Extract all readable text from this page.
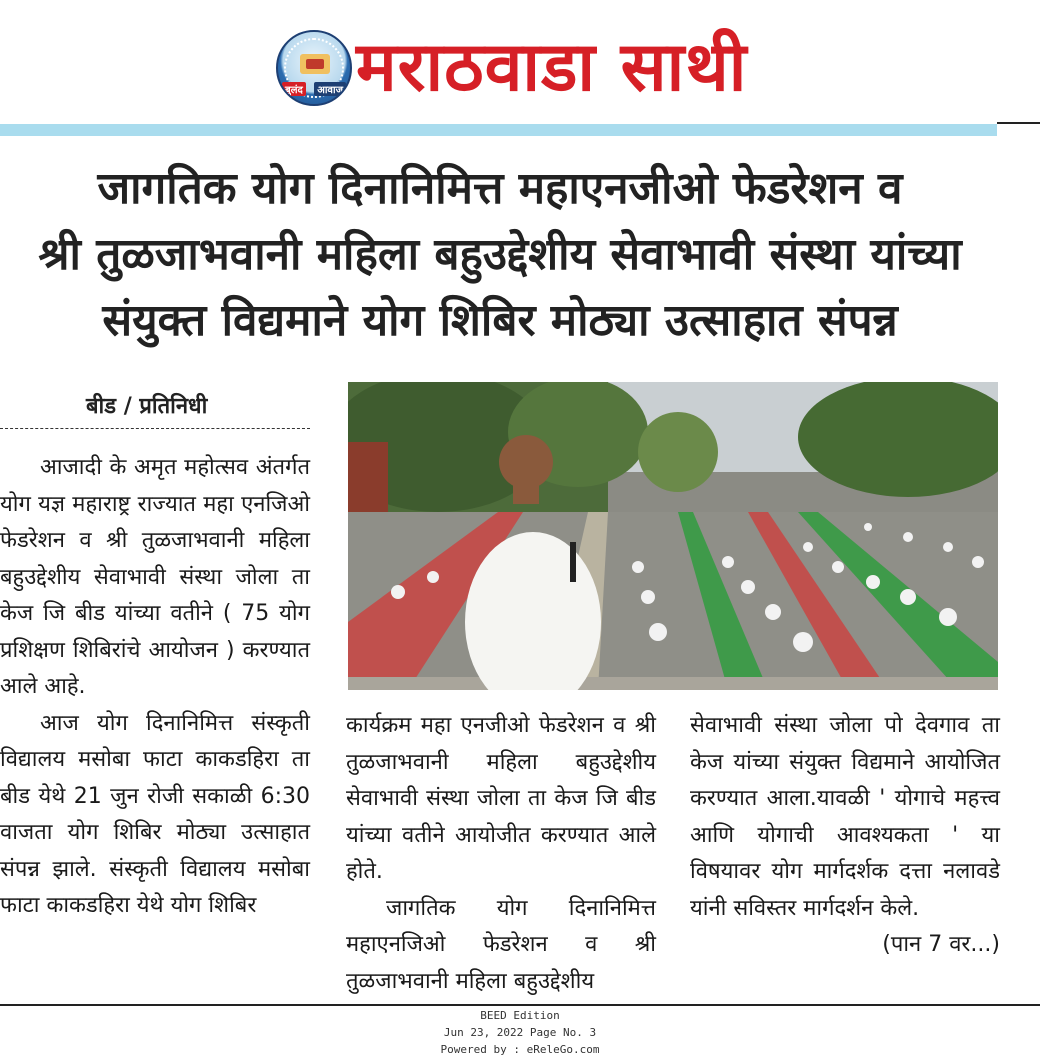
बुलंद	आवाज मराठवाडा साथी
जागतिक योग दिनानिमित्त महाएनजीओ फेडरेशन व
श्री तुळजाभवानी महिला बहुउद्देशीय सेवाभावी संस्था यांच्या
संयुक्त विद्यमाने योग शिबिर मोठ्या उत्साहात संपन्न
बीड / प्रतिनिधी

आजादी के अमृत महोत्सव अंतर्गत योग यज्ञ महाराष्ट्र राज्यात महा एनजिओ फेडरेशन व श्री तुळजाभवानी महिला बहुउद्देशीय सेवाभावी संस्था जोला ता केज जि बीड यांच्या वतीने ( 75 योग प्रशिक्षण शिबिरांचे आयोजन ) करण्यात आले आहे.

आज योग दिनानिमित्त संस्कृती विद्यालय मसोबा फाटा काकडहिरा ता बीड येथे 21 जुन रोजी सकाळी 6:30 वाजता योग शिबिर मोठ्या उत्साहात संपन्न झाले. संस्कृती विद्यालय मसोबा फाटा काकडहिरा येथे योग शिबिर

कार्यक्रम महा एनजीओ फेडरेशन व श्री तुळजाभवानी महिला बहुउद्देशीय सेवाभावी संस्था जोला ता केज जि बीड यांच्या वतीने आयोजीत करण्यात आले होते.

जागतिक योग दिनानिमित्त महाएनजिओ फेडरेशन व श्री तुळजाभवानी महिला बहुउद्देशीय

सेवाभावी संस्था जोला पो देवगाव ता केज यांच्या संयुक्त विद्यमाने आयोजित करण्यात आला.यावळी ' योगाचे महत्त्व आणि योगाची आवश्यकता ' या विषयावर योग मार्गदर्शक दत्ता नलावडे यांनी सविस्तर मार्गदर्शन केले.

(पान 7 वर...)
BEED Edition
Jun 23, 2022 Page No. 3
Powered by : eReleGo.com
